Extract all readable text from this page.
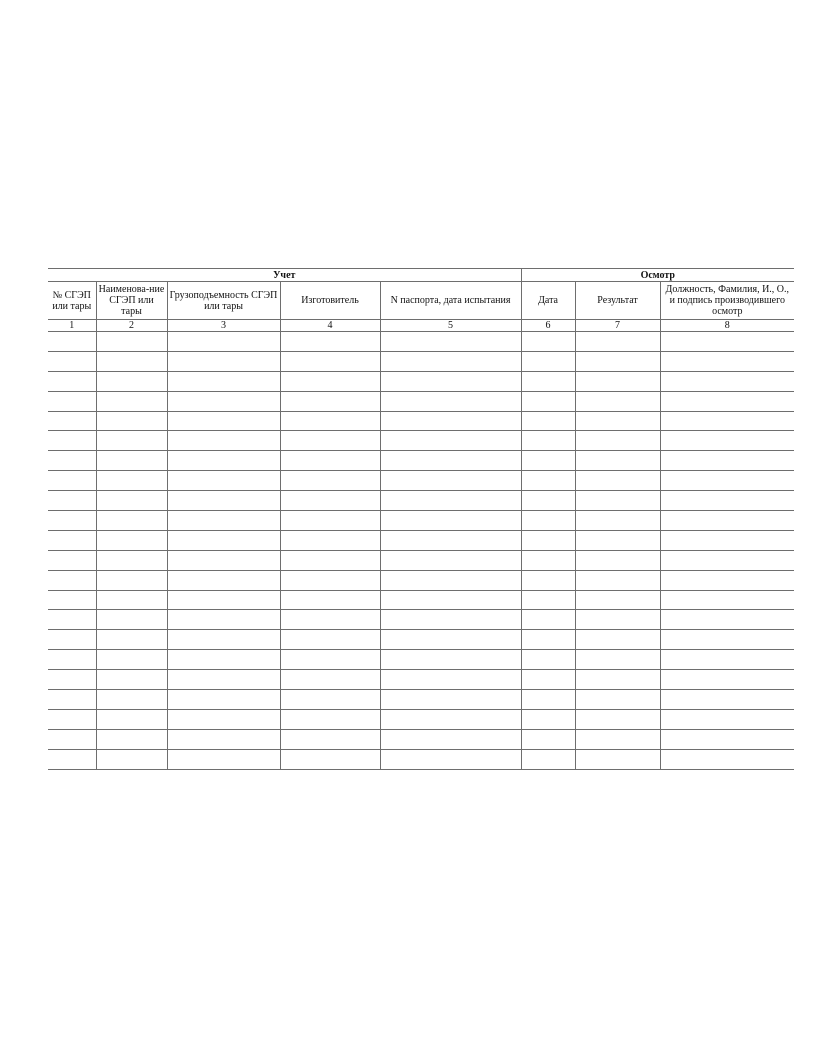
Учет					Осмотр		
№ СГЭП или тары	Наименова-ние СГЭП или тары	Грузоподъемность СГЭП или тары	Изготовитель	N паспорта, дата испытания	Дата	Результат	Должность, Фамилия, И., О., и подпись производившего осмотр
1	2	3	4	5	6	7	8
